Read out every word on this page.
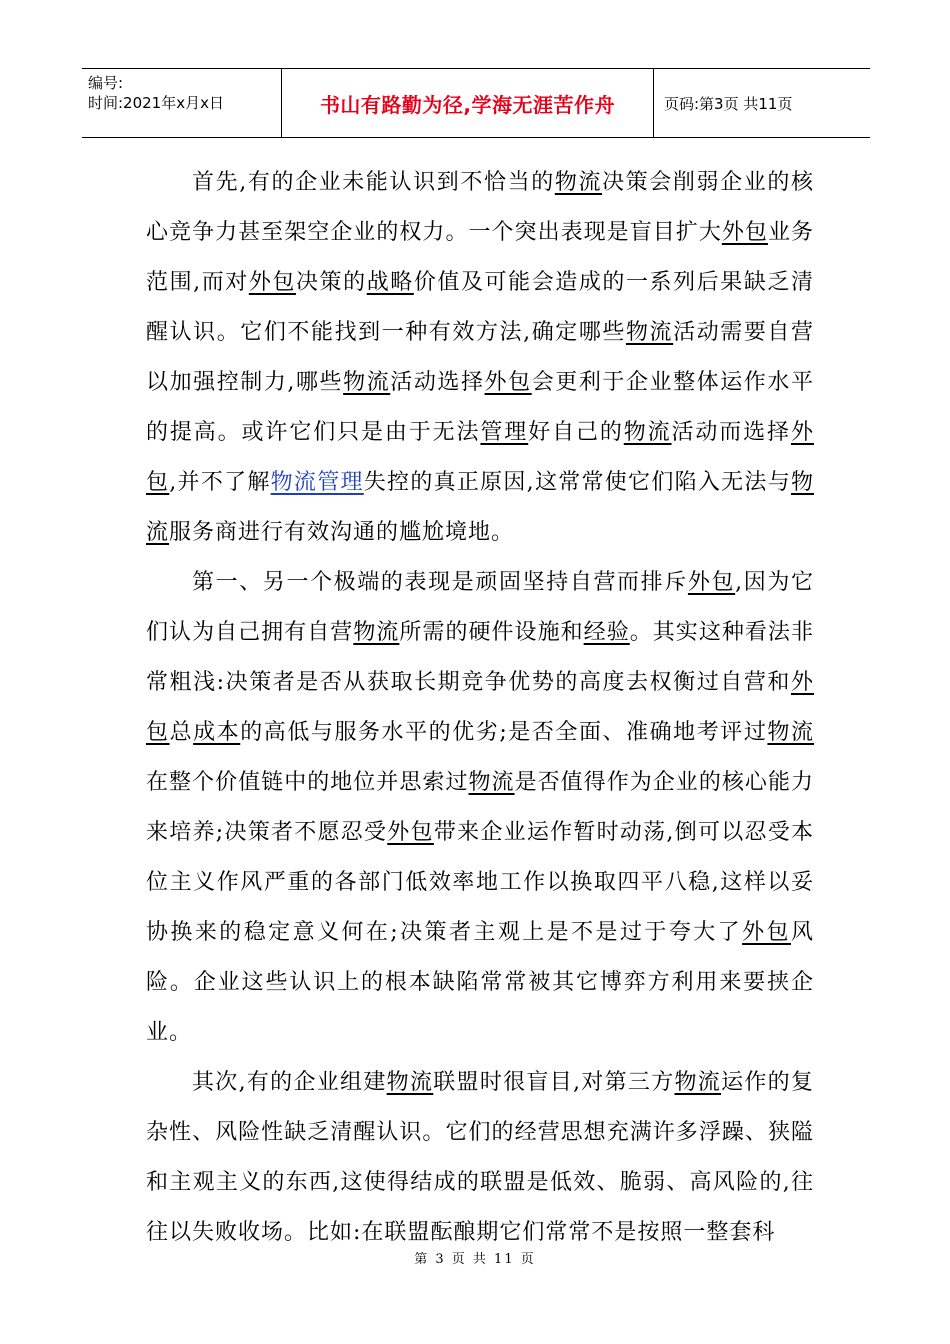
编号:
时间:2021年x月x日	书山有路勤为径,学海无涯苦作舟	页码:第3页 共11页

首先,有的企业未能认识到不恰当的物流决策会削弱企业的核心竞争力甚至架空企业的权力。一个突出表现是盲目扩大外包业务范围,而对外包决策的战略价值及可能会造成的一系列后果缺乏清醒认识。它们不能找到一种有效方法,确定哪些物流活动需要自营以加强控制力,哪些物流活动选择外包会更利于企业整体运作水平的提高。或许它们只是由于无法管理好自己的物流活动而选择外包,并不了解物流管理失控的真正原因,这常常使它们陷入无法与物流服务商进行有效沟通的尴尬境地。

第一、另一个极端的表现是顽固坚持自营而排斥外包,因为它们认为自己拥有自营物流所需的硬件设施和经验。其实这种看法非常粗浅:决策者是否从获取长期竞争优势的高度去权衡过自营和外包总成本的高低与服务水平的优劣;是否全面、准确地考评过物流在整个价值链中的地位并思索过物流是否值得作为企业的核心能力来培养;决策者不愿忍受外包带来企业运作暂时动荡,倒可以忍受本位主义作风严重的各部门低效率地工作以换取四平八稳,这样以妥协换来的稳定意义何在;决策者主观上是不是过于夸大了外包风险。企业这些认识上的根本缺陷常常被其它博弈方利用来要挟企业。

其次,有的企业组建物流联盟时很盲目,对第三方物流运作的复杂性、风险性缺乏清醒认识。它们的经营思想充满许多浮躁、狭隘和主观主义的东西,这使得结成的联盟是低效、脆弱、高风险的,往往以失败收场。比如:在联盟酝酿期它们常常不是按照一整套科

第 3 页 共 11 页
